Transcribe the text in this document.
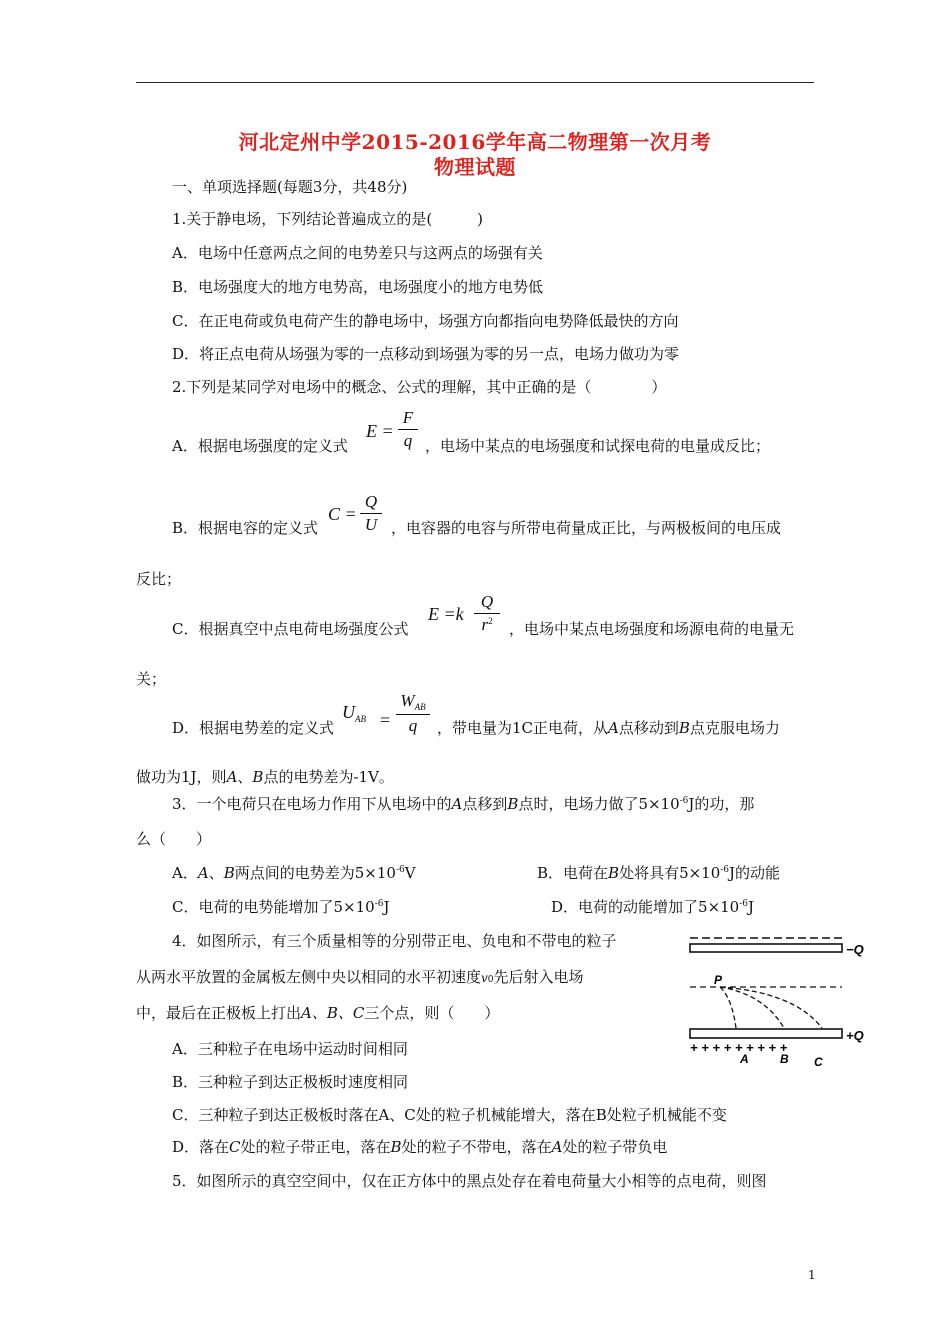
河北定州中学2015-2016学年高二物理第一次月考
物理试题
一、单项选择题(每题3分，共48分)
1.关于静电场，下列结论普遍成立的是(　　　)
A．电场中任意两点之间的电势差只与这两点的场强有关
B．电场强度大的地方电势高，电场强度小的地方电势低
C．在正电荷或负电荷产生的静电场中，场强方向都指向电势降低最快的方向
D．将正点电荷从场强为零的一点移动到场强为零的另一点，电场力做功为零
2.下列是某同学对电场中的概念、公式的理解，其中正确的是（　　　　）
A．根据电场强度的定义式
E =
F
q ，电场中某点的电场强度和试探电荷的电量成反比；
B．根据电容的定义式
C =
Q
U ，电容器的电容与所带电荷量成正比，与两极板间的电压成
反比；
C．根据真空中点电荷电场强度公式
E =k
Q
$r^2$	，电场中某点电场强度和场源电荷的电量无
关；
D．根据电势差的定义式
$U_{AB}$ =
$W_{AB}$
q	，带电量为1C正电荷，从A点移动到B点克服电场力
做功为1J，则A、B点的电势差为-1V。
3．一个电荷只在电场力作用下从电场中的A点移到B点时，电场力做了$5\times 10^{-6}J$的功，那
么（　　）
A．A、B两点间的电势差为$5\times 10^{-6}V$	B．电荷在B处将具有$5\times 10^{-6}J$的动能
C．电荷的电势能增加了$5\times 10^{-6}J$	D．电荷的动能增加了$5\times 10^{-6}J$
4．如图所示，有三个质量相等的分别带正电、负电和不带电的粒子
从两水平放置的金属板左侧中央以相同的水平初速度v0先后射入电场
中，最后在正极板上打出A、B、C三个点，则（　　）
A．三种粒子在电场中运动时间相同
B．三种粒子到达正极板时速度相同
C．三种粒子到达正极板时落在A、C处的粒子机械能增大，落在B处粒子机械能不变
D．落在C处的粒子带正电，落在B处的粒子不带电，落在A处的粒子带负电
−Q
P
+Q
+ + + + + + + + +
A	B C
5．如图所示的真空空间中，仅在正方体中的黑点处存在着电荷量大小相等的点电荷，则图
1
